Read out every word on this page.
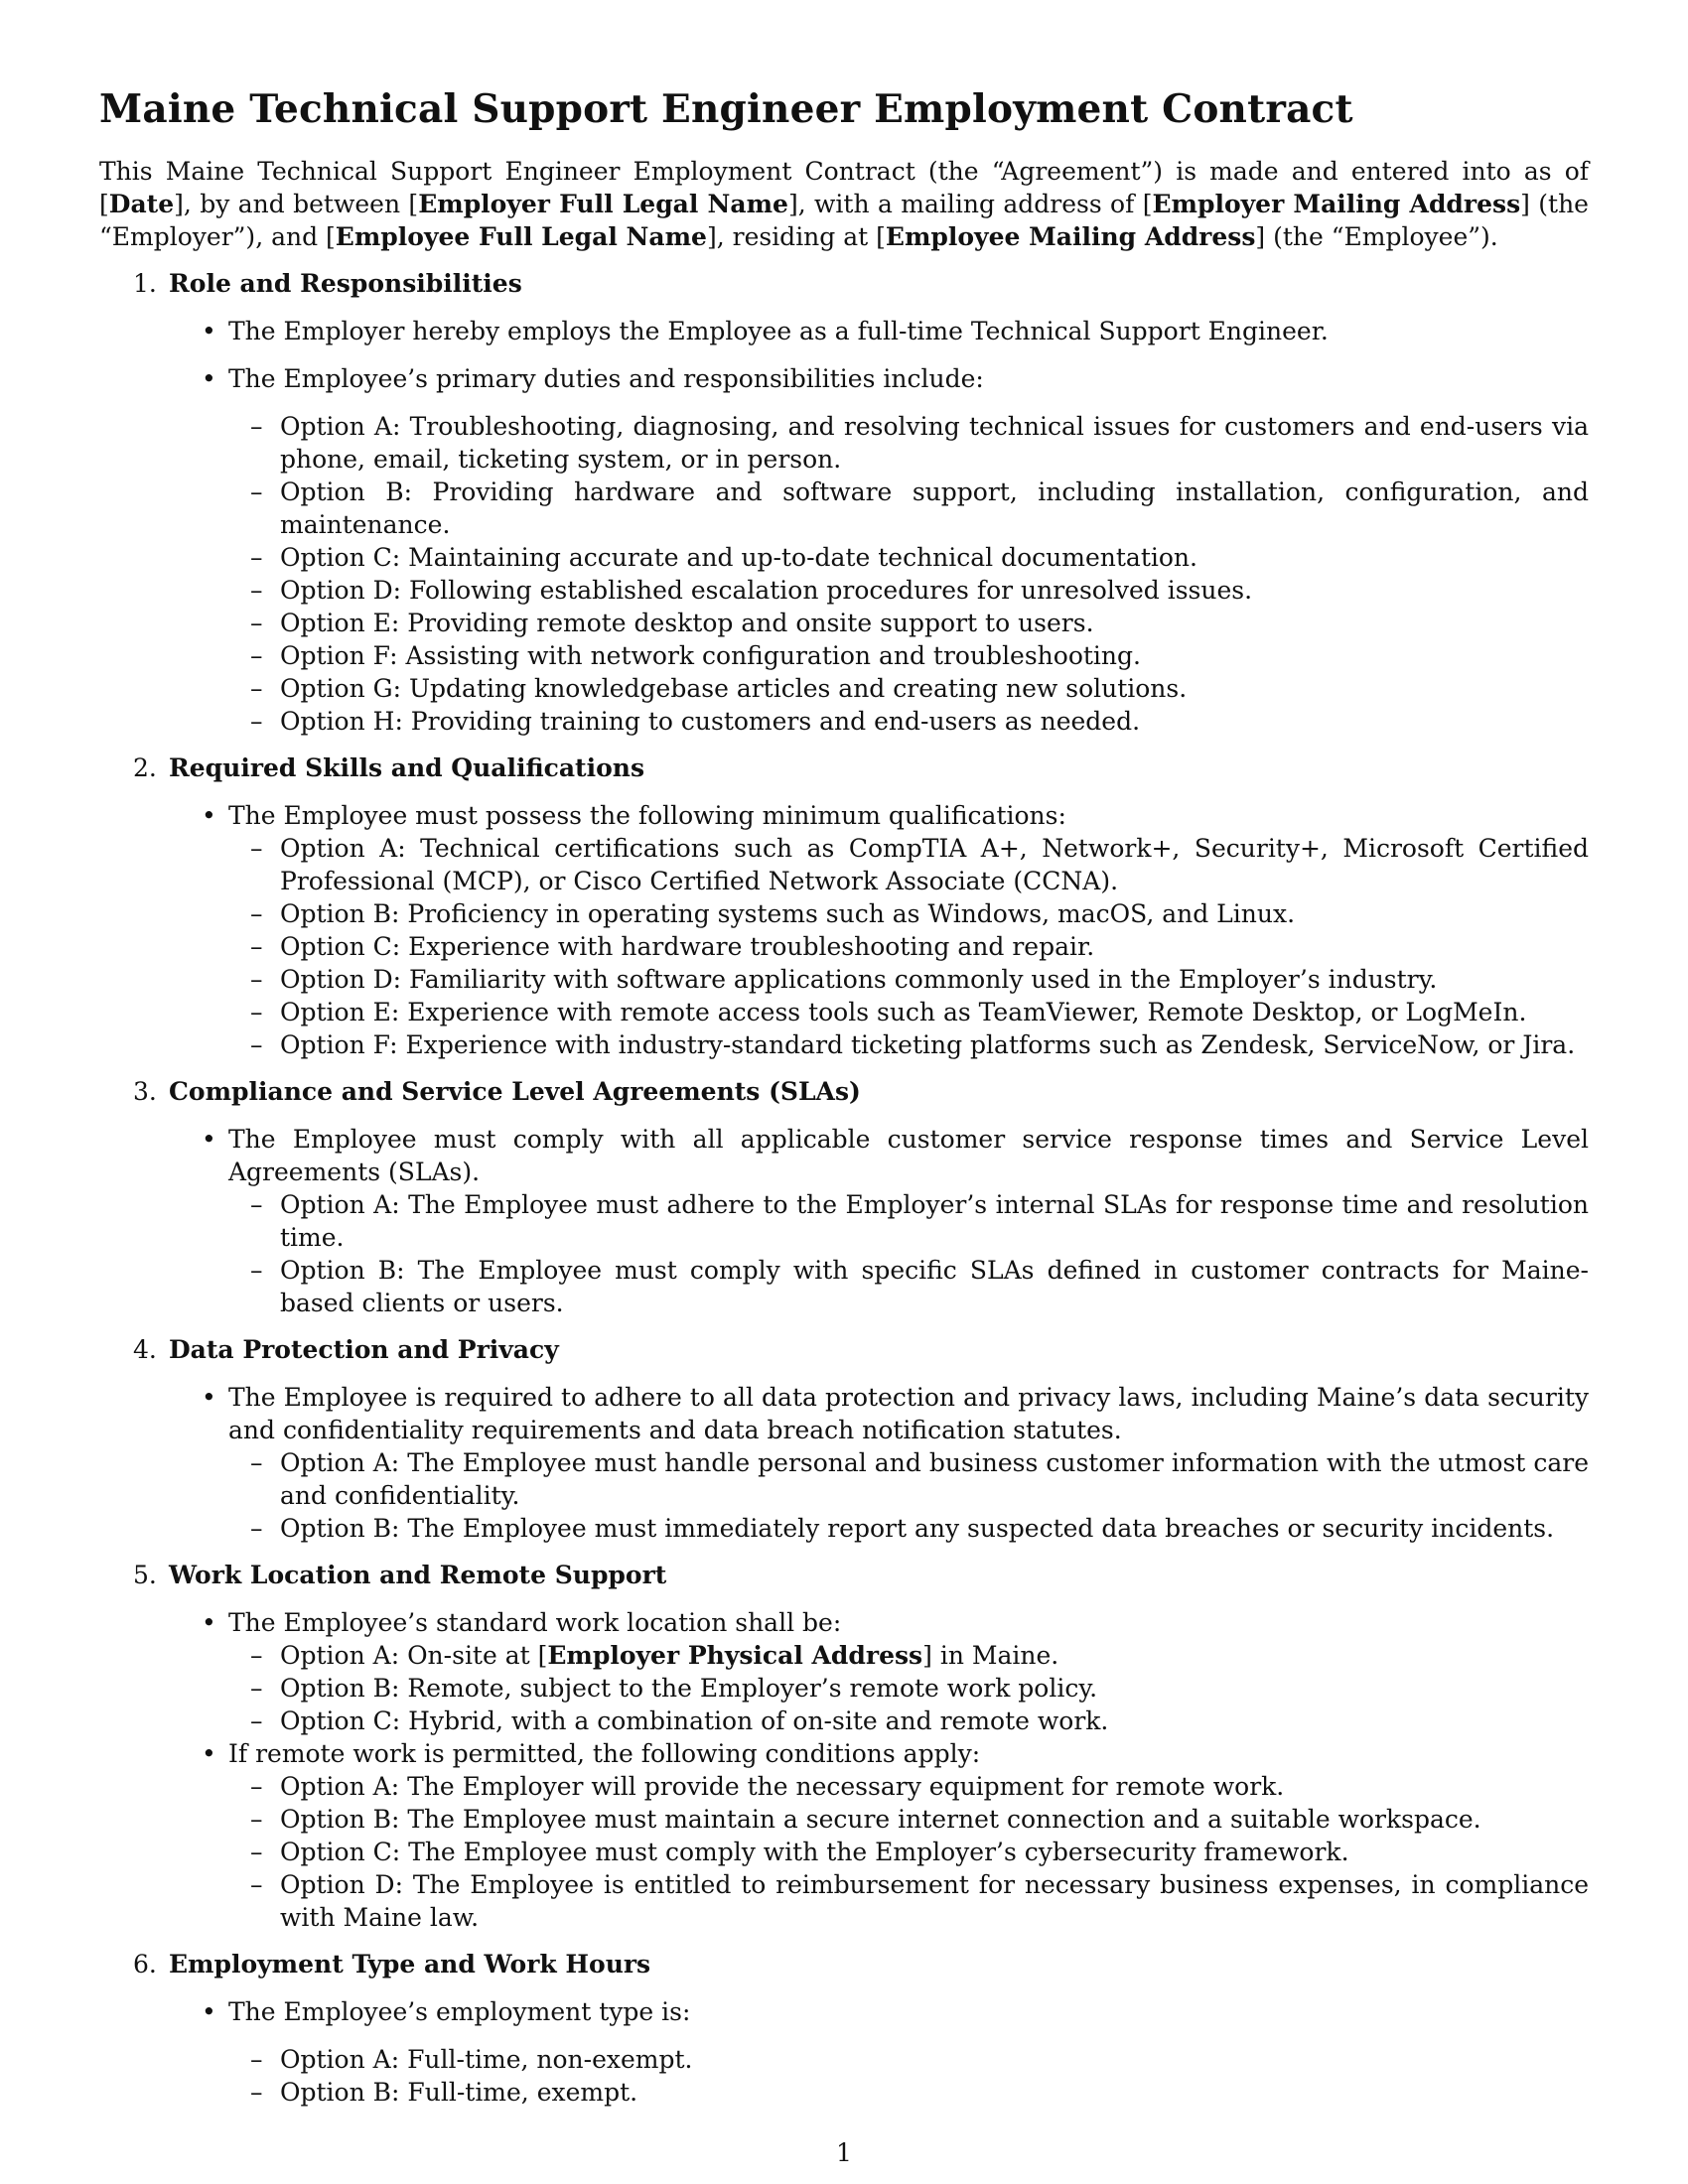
Maine Technical Support Engineer Employment Contract

This Maine Technical Support Engineer Employment Contract (the “Agreement”) is made and entered into as of [Date], by and between [Employer Full Legal Name], with a mailing address of [Employer Mailing Address] (the “Employer”), and [Employee Full Legal Name], residing at [Employee Mailing Address] (the “Employee”).

1. Role and Responsibilities
• The Employer hereby employs the Employee as a full-time Technical Support Engineer.
• The Employee’s primary duties and responsibilities include:
– Option A: Troubleshooting, diagnosing, and resolving technical issues for customers and end-users via phone, email, ticketing system, or in person.
– Option B: Providing hardware and software support, including installation, configuration, and maintenance.
– Option C: Maintaining accurate and up-to-date technical documentation.
– Option D: Following established escalation procedures for unresolved issues.
– Option E: Providing remote desktop and onsite support to users.
– Option F: Assisting with network configuration and troubleshooting.
– Option G: Updating knowledgebase articles and creating new solutions.
– Option H: Providing training to customers and end-users as needed.
2. Required Skills and Qualifications
• The Employee must possess the following minimum qualifications:
– Option A: Technical certifications such as CompTIA A+, Network+, Security+, Microsoft Certified Professional (MCP), or Cisco Certified Network Associate (CCNA).
– Option B: Proficiency in operating systems such as Windows, macOS, and Linux.
– Option C: Experience with hardware troubleshooting and repair.
– Option D: Familiarity with software applications commonly used in the Employer’s industry.
– Option E: Experience with remote access tools such as TeamViewer, Remote Desktop, or LogMeIn.
– Option F: Experience with industry-standard ticketing platforms such as Zendesk, ServiceNow, or Jira.
3. Compliance and Service Level Agreements (SLAs)
• The Employee must comply with all applicable customer service response times and Service Level Agreements (SLAs).
– Option A: The Employee must adhere to the Employer’s internal SLAs for response time and resolution time.
– Option B: The Employee must comply with specific SLAs defined in customer contracts for Maine-based clients or users.
4. Data Protection and Privacy
• The Employee is required to adhere to all data protection and privacy laws, including Maine’s data security and confidentiality requirements and data breach notification statutes.
– Option A: The Employee must handle personal and business customer information with the utmost care and confidentiality.
– Option B: The Employee must immediately report any suspected data breaches or security incidents.
5. Work Location and Remote Support
• The Employee’s standard work location shall be:
– Option A: On-site at [Employer Physical Address] in Maine.
– Option B: Remote, subject to the Employer’s remote work policy.
– Option C: Hybrid, with a combination of on-site and remote work.
• If remote work is permitted, the following conditions apply:
– Option A: The Employer will provide the necessary equipment for remote work.
– Option B: The Employee must maintain a secure internet connection and a suitable workspace.
– Option C: The Employee must comply with the Employer’s cybersecurity framework.
– Option D: The Employee is entitled to reimbursement for necessary business expenses, in compliance with Maine law.
6. Employment Type and Work Hours
• The Employee’s employment type is:
– Option A: Full-time, non-exempt.
– Option B: Full-time, exempt.
1
